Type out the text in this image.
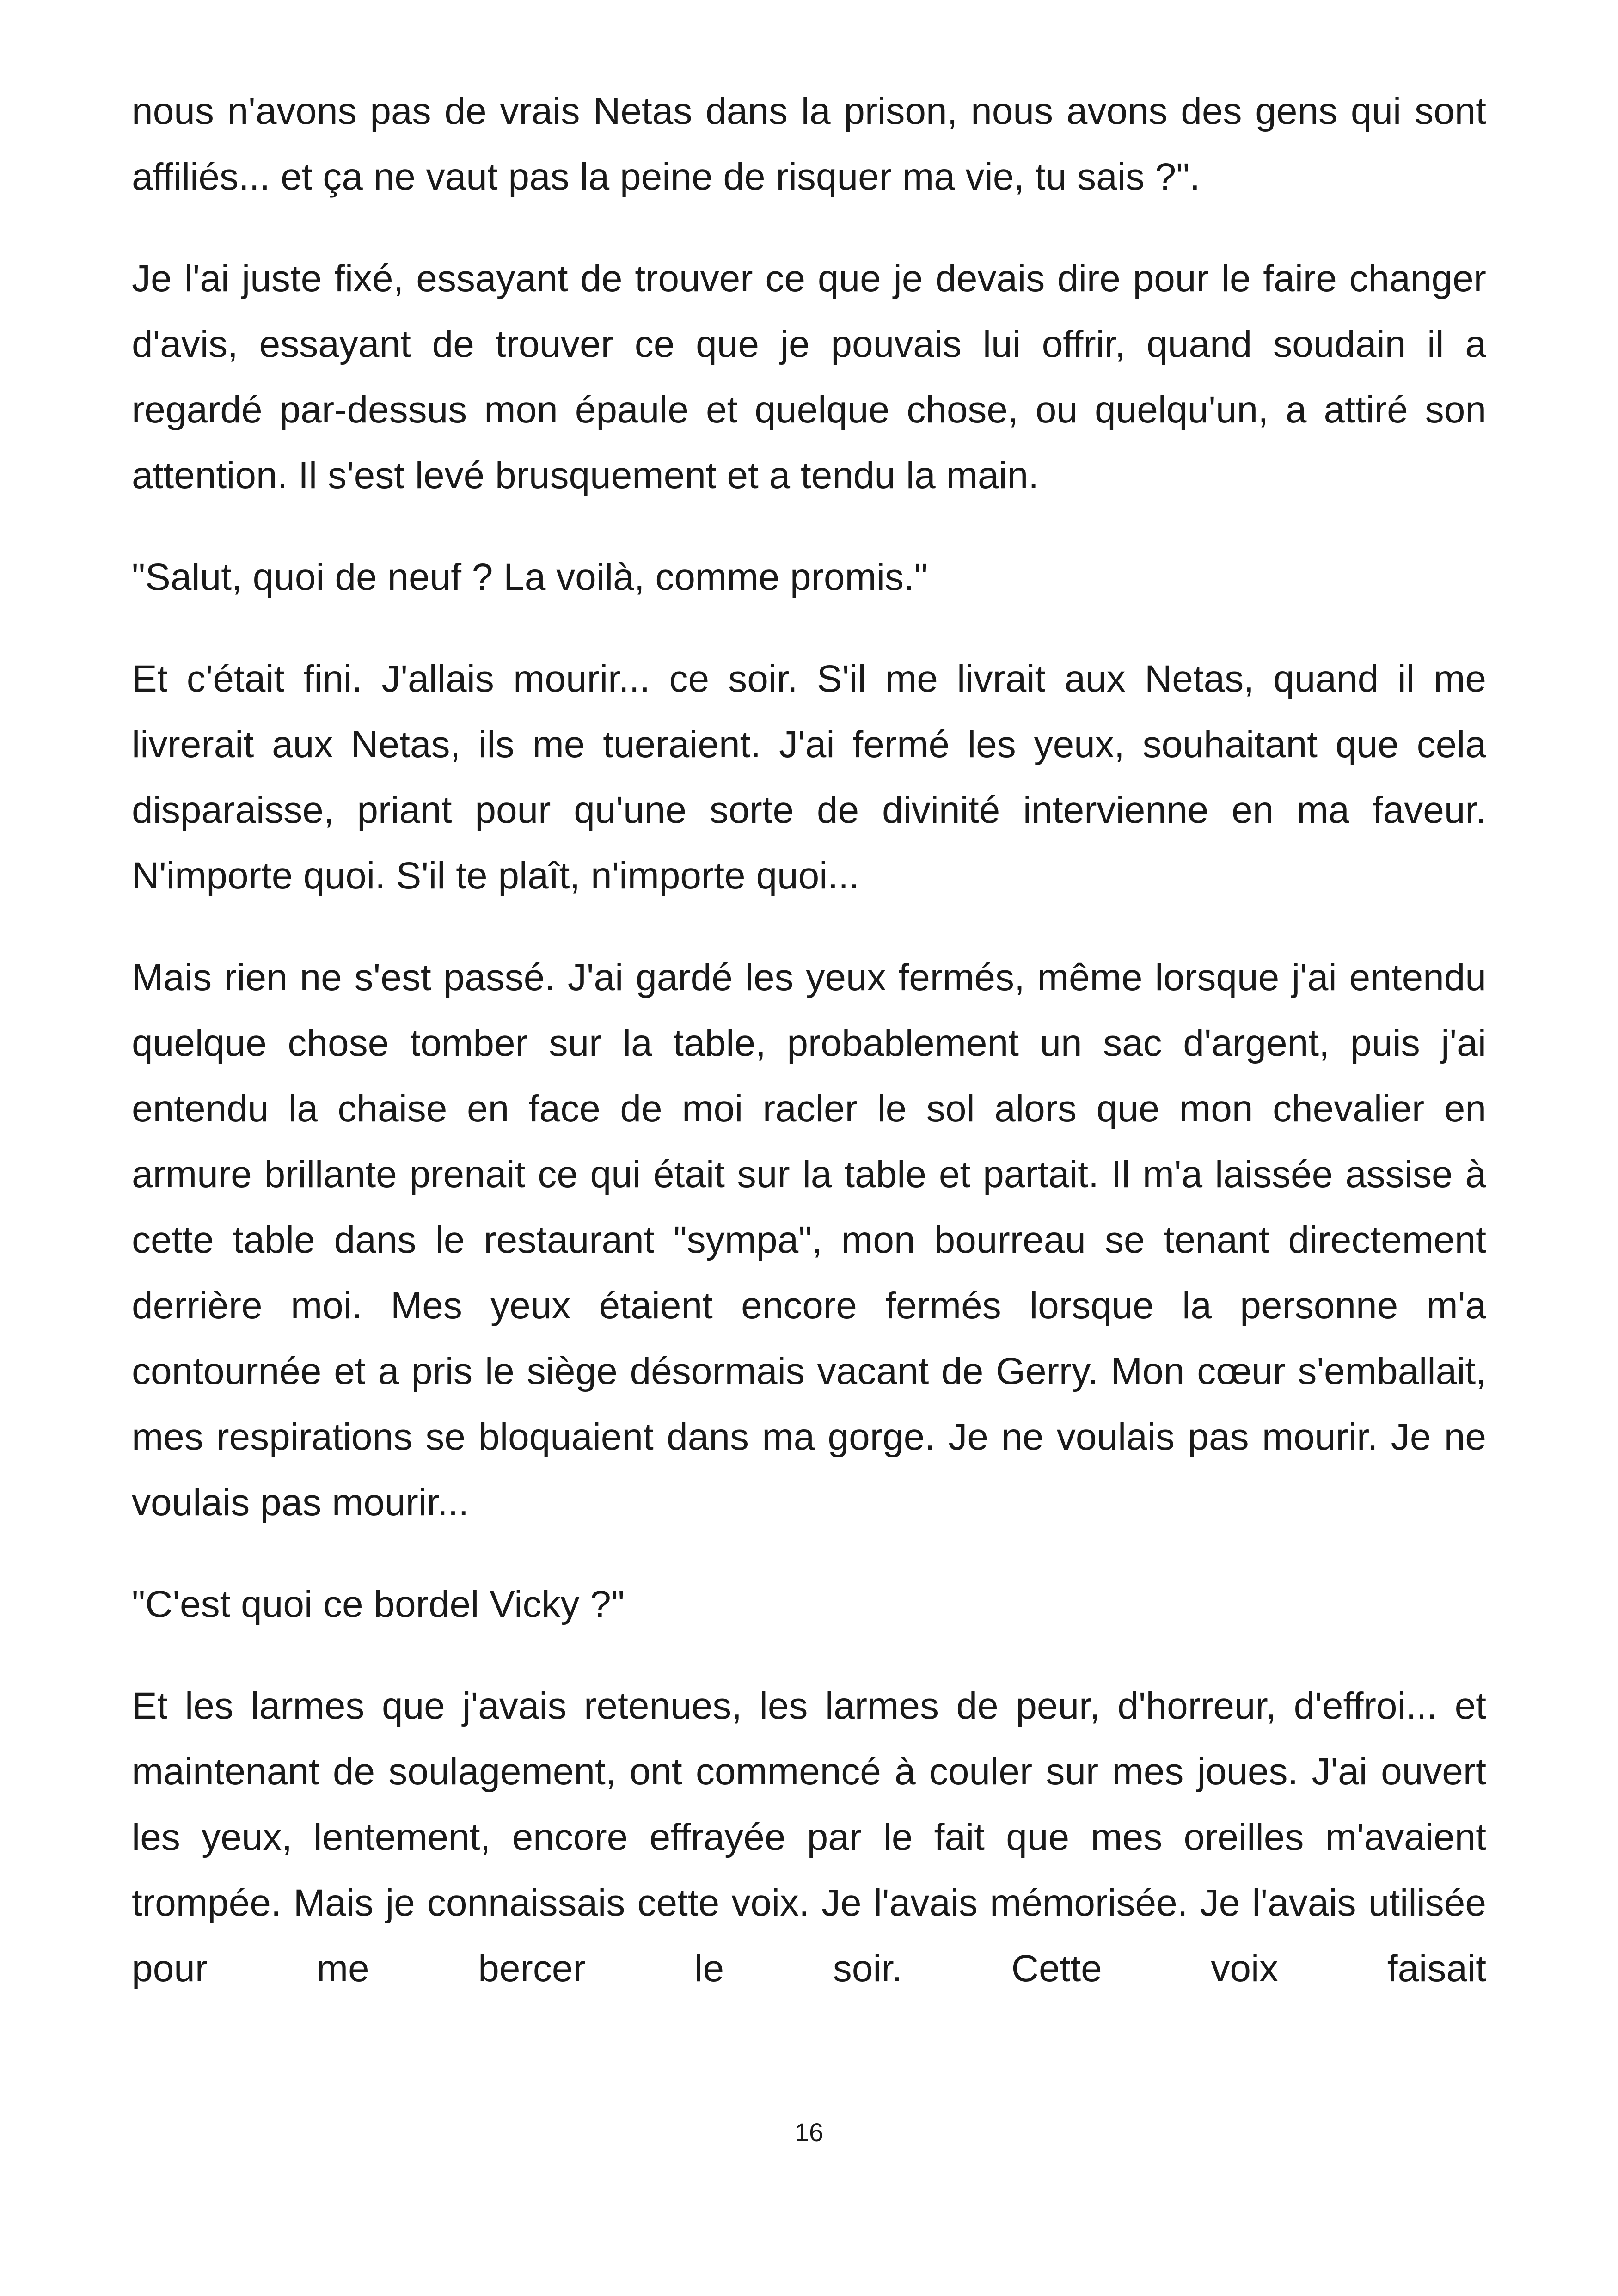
nous n'avons pas de vrais Netas dans la prison, nous avons des gens qui sont affiliés... et ça ne vaut pas la peine de risquer ma vie, tu sais ?".

Je l'ai juste fixé, essayant de trouver ce que je devais dire pour le faire changer d'avis, essayant de trouver ce que je pouvais lui offrir, quand soudain il a regardé par-dessus mon épaule et quelque chose, ou quelqu'un, a attiré son attention. Il s'est levé brusquement et a tendu la main.

"Salut, quoi de neuf ? La voilà, comme promis."

Et c'était fini. J'allais mourir... ce soir. S'il me livrait aux Netas, quand il me livrerait aux Netas, ils me tueraient. J'ai fermé les yeux, souhaitant que cela disparaisse, priant pour qu'une sorte de divinité intervienne en ma faveur. N'importe quoi. S'il te plaît, n'importe quoi...

Mais rien ne s'est passé. J'ai gardé les yeux fermés, même lorsque j'ai entendu quelque chose tomber sur la table, probablement un sac d'argent, puis j'ai entendu la chaise en face de moi racler le sol alors que mon chevalier en armure brillante prenait ce qui était sur la table et partait. Il m'a laissée assise à cette table dans le restaurant "sympa", mon bourreau se tenant directement derrière moi. Mes yeux étaient encore fermés lorsque la personne m'a contournée et a pris le siège désormais vacant de Gerry. Mon cœur s'emballait, mes respirations se bloquaient dans ma gorge. Je ne voulais pas mourir. Je ne voulais pas mourir...

"C'est quoi ce bordel Vicky ?"

Et les larmes que j'avais retenues, les larmes de peur, d'horreur, d'effroi... et maintenant de soulagement, ont commencé à couler sur mes joues. J'ai ouvert les yeux, lentement, encore effrayée par le fait que mes oreilles m'avaient trompée. Mais je connaissais cette voix. Je l'avais mémorisée. Je l'avais utilisée pour me bercer le soir. Cette voix faisait

16
